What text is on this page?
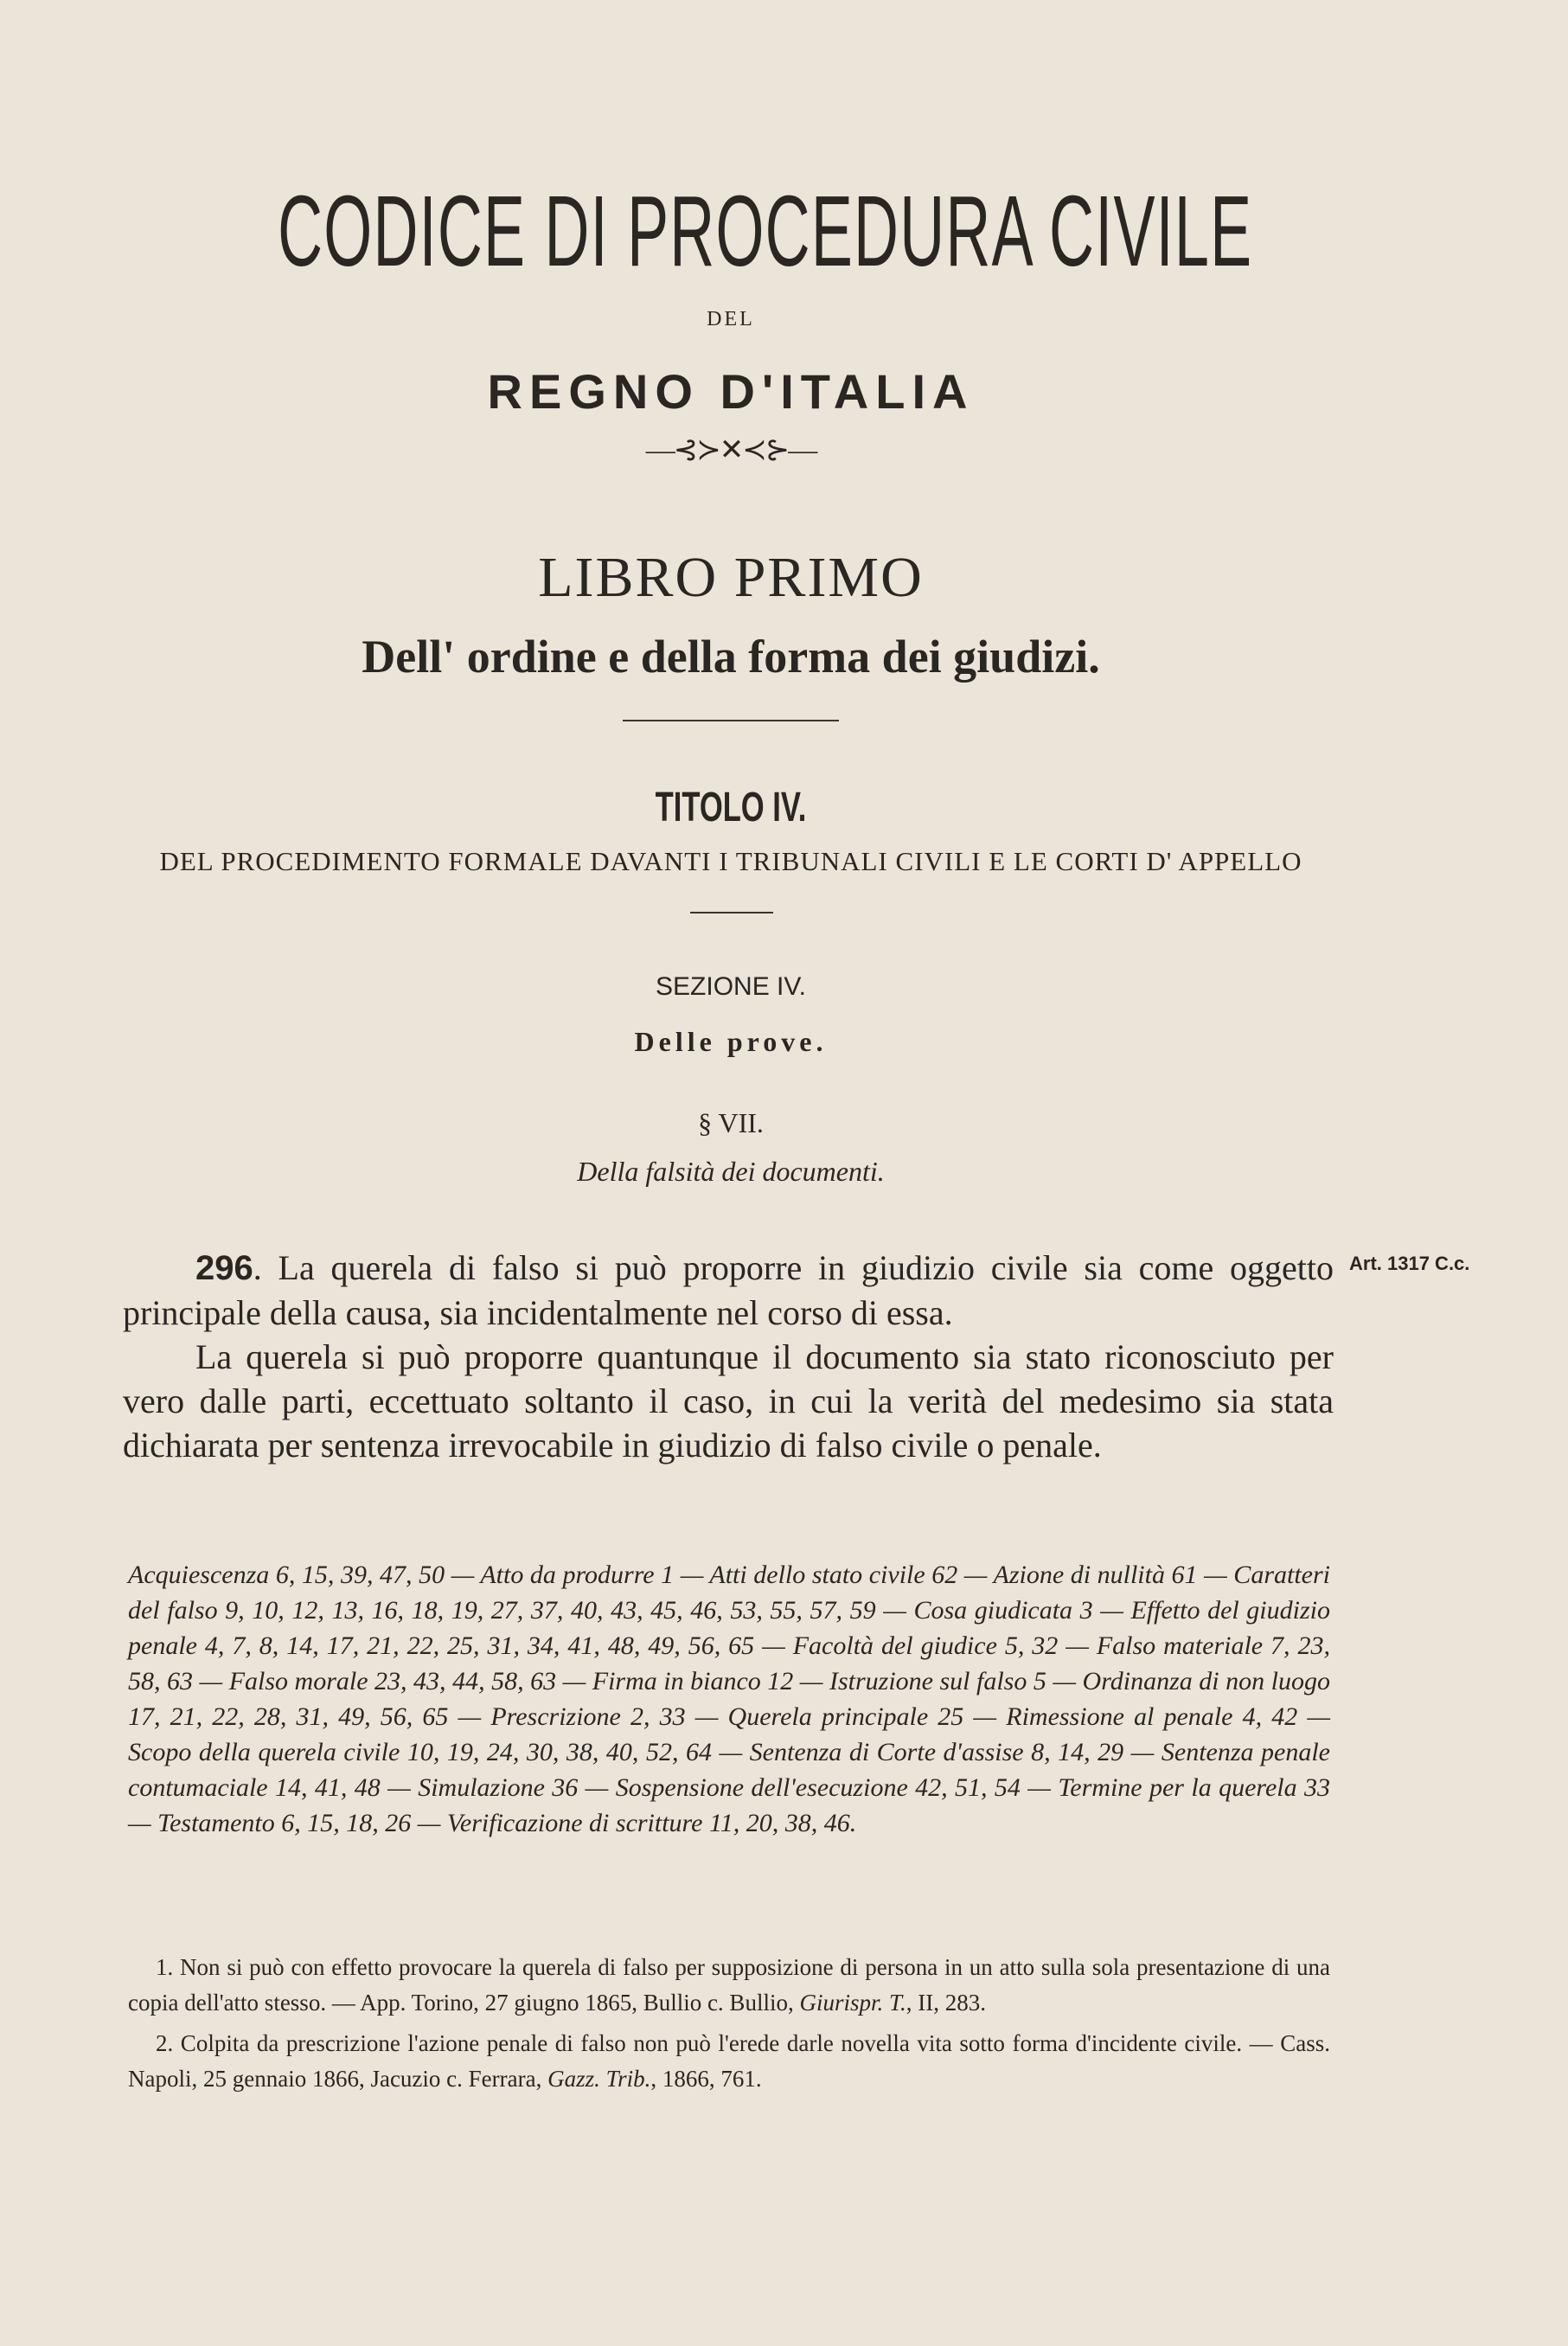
CODICE DI PROCEDURA CIVILE
DEL
REGNO D'ITALIA
—⊰≻✕≺⊱—
LIBRO PRIMO
Dell' ordine e della forma dei giudizi.
TITOLO IV.
DEL PROCEDIMENTO FORMALE DAVANTI I TRIBUNALI CIVILI E LE CORTI D' APPELLO
SEZIONE IV.
Delle prove.
§ VII.
Della falsità dei documenti.
Art. 1317 C.c.

296. La querela di falso si può proporre in giudizio civile sia come oggetto principale della causa, sia incidentalmente nel corso di essa.

La querela si può proporre quantunque il documento sia stato riconosciuto per vero dalle parti, eccettuato soltanto il caso, in cui la verità del medesimo sia stata dichiarata per sentenza irrevocabile in giudizio di falso civile o penale.

Acquiescenza 6, 15, 39, 47, 50 — Atto da produrre 1 — Atti dello stato civile 62 — Azione di nullità 61 — Caratteri del falso 9, 10, 12, 13, 16, 18, 19, 27, 37, 40, 43, 45, 46, 53, 55, 57, 59 — Cosa giudicata 3 — Effetto del giudizio penale 4, 7, 8, 14, 17, 21, 22, 25, 31, 34, 41, 48, 49, 56, 65 — Facoltà del giudice 5, 32 — Falso materiale 7, 23, 58, 63 — Falso morale 23, 43, 44, 58, 63 — Firma in bianco 12 — Istruzione sul falso 5 — Ordinanza di non luogo 17, 21, 22, 28, 31, 49, 56, 65 — Prescrizione 2, 33 — Querela principale 25 — Rimessione al penale 4, 42 — Scopo della querela civile 10, 19, 24, 30, 38, 40, 52, 64 — Sentenza di Corte d'assise 8, 14, 29 — Sentenza penale contumaciale 14, 41, 48 — Simulazione 36 — Sospensione dell'esecuzione 42, 51, 54 — Termine per la querela 33 — Testamento 6, 15, 18, 26 — Verificazione di scritture 11, 20, 38, 46.

1. Non si può con effetto provocare la querela di falso per supposizione di persona in un atto sulla sola presentazione di una copia dell'atto stesso. — App. Torino, 27 giugno 1865, Bullio c. Bullio, Giurispr. T., II, 283.

2. Colpita da prescrizione l'azione penale di falso non può l'erede darle novella vita sotto forma d'incidente civile. — Cass. Napoli, 25 gennaio 1866, Jacuzio c. Ferrara, Gazz. Trib., 1866, 761.
